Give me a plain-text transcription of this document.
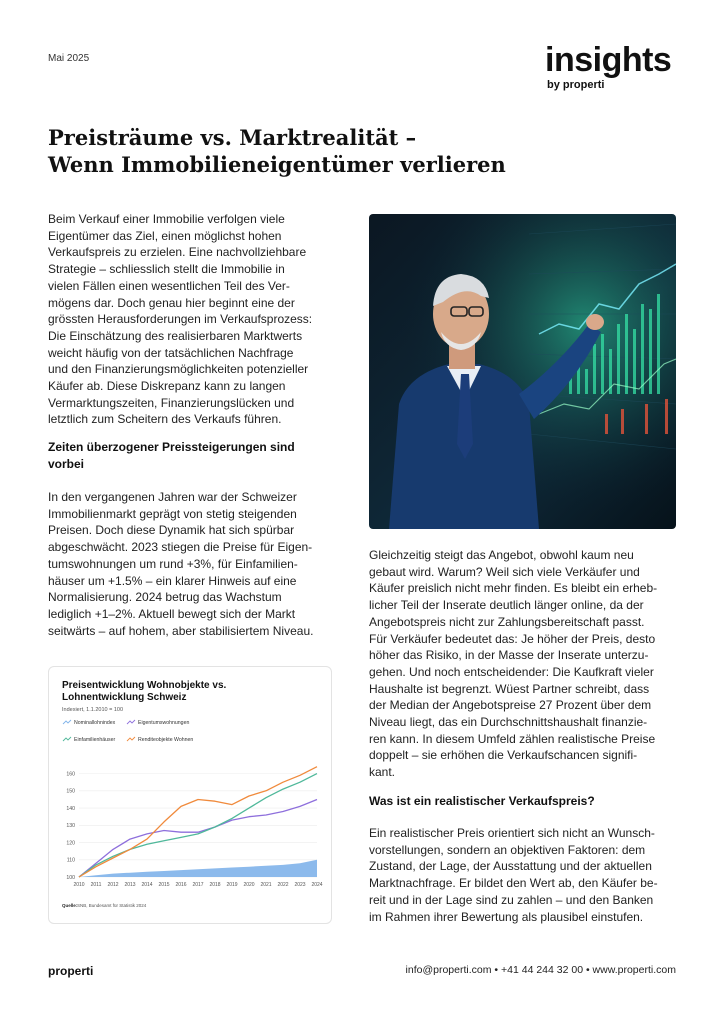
Mai 2025	insights
by properti
Preisträume vs. Marktrealität –
Wenn Immobilieneigentümer verlieren
Beim Verkauf einer Immobilie verfolgen viele
Eigentümer das Ziel, einen möglichst hohen
Verkaufspreis zu erzielen. Eine nachvollziehbare
Strategie – schliesslich stellt die Immobilie in
vielen Fällen einen wesentlichen Teil des Ver-
mögens dar. Doch genau hier beginnt eine der
grössten Herausforderungen im Verkaufsprozess:
Die Einschätzung des realisierbaren Marktwerts
weicht häufig von der tatsächlichen Nachfrage
und den Finanzierungsmöglichkeiten potenzieller
Käufer ab. Diese Diskrepanz kann zu langen
Vermarktungszeiten, Finanzierungslücken und
letztlich zum Scheitern des Verkaufs führen.
Zeiten überzogener Preissteigerungen sind
vorbei
In den vergangenen Jahren war der Schweizer
Immobilienmarkt geprägt von stetig steigenden
Preisen. Doch diese Dynamik hat sich spürbar
abgeschwächt. 2023 stiegen die Preise für Eigen-
tumswohnungen um rund +3%, für Einfamilien-
häuser um +1.5% – ein klarer Hinweis auf eine
Normalisierung. 2024 betrug das Wachstum
lediglich +1–2%. Aktuell bewegt sich der Markt
seitwärts – auf hohem, aber stabilisiertem Niveau.
Gleichzeitig steigt das Angebot, obwohl kaum neu
gebaut wird. Warum? Weil sich viele Verkäufer und
Käufer preislich nicht mehr finden. Es bleibt ein erheb-
licher Teil der Inserate deutlich länger online, da der
Angebotspreis nicht zur Zahlungsbereitschaft passt.
Für Verkäufer bedeutet das: Je höher der Preis, desto
höher das Risiko, in der Masse der Inserate unterzu-
gehen. Und noch entscheidender: Die Kaufkraft vieler
Haushalte ist begrenzt. Wüest Partner schreibt, dass
der Median der Angebotspreise 27 Prozent über dem
Niveau liegt, das ein Durchschnittshaushalt finanzie-
ren kann. In diesem Umfeld zählen realistische Preise
doppelt – sie erhöhen die Verkaufschancen signifi-
kant.
Was ist ein realistischer Verkaufspreis?
Ein realistischer Preis orientiert sich nicht an Wunsch-
vorstellungen, sondern an objektiven Faktoren: dem
Zustand, der Lage, der Ausstattung und der aktuellen
Marktnachfrage. Er bildet den Wert ab, den Käufer be-
reit und in der Lage sind zu zahlen – und den Banken
im Rahmen ihrer Bewertung als plausibel einstufen.
Preisentwicklung Wohnobjekte vs.
Lohnentwicklung Schweiz
Indexiert, 1.1.2010 = 100
Nominallohnindex	Eigentumswohnungen
Einfamilienhäuser	Renditeobjekte Wohnen
100
110
120
130
140
150
160
2010 2011 2012 2013 2014 2015 2016 2017 2018 2019 2020 2021 2022 2023 2024
Quelle: SNB, Bundesamt für Statistik 2024
properti	info@properti.com • +41 44 244 32 00 • www.properti.com
